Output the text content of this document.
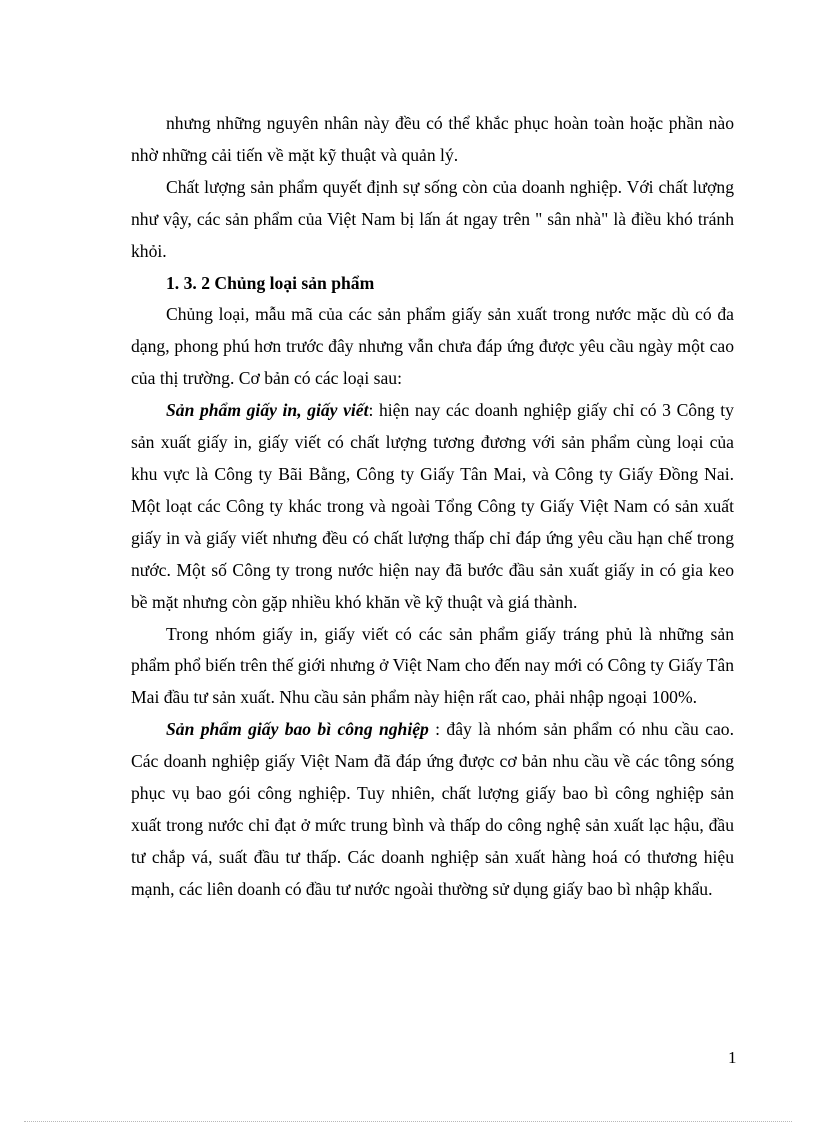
nhưng những nguyên nhân này đều có thể khắc phục hoàn toàn hoặc phần nào nhờ những cải tiến về mặt kỹ thuật và quản lý.

Chất lượng sản phẩm quyết định sự sống còn của doanh nghiệp. Với chất lượng như vậy, các sản phẩm của Việt Nam bị lấn át ngay trên " sân nhà" là điều khó tránh khỏi.

1. 3. 2 Chủng loại sản phẩm

Chủng loại, mẫu mã của các sản phẩm giấy sản xuất trong nước mặc dù có đa dạng, phong phú hơn trước đây nhưng vẫn chưa đáp ứng được yêu cầu ngày một cao của thị trường. Cơ bản có các loại sau:

Sản phẩm giấy in, giấy viết: hiện nay các doanh nghiệp giấy chỉ có 3 Công ty sản xuất giấy in, giấy viết có chất lượng tương đương với sản phẩm cùng loại của khu vực là Công ty Bãi Bằng, Công ty Giấy Tân Mai, và Công ty Giấy Đồng Nai. Một loạt các Công ty khác trong và ngoài Tổng Công ty Giấy Việt Nam có sản xuất giấy in và giấy viết nhưng đều có chất lượng thấp chỉ đáp ứng yêu cầu hạn chế trong nước. Một số Công ty trong nước hiện nay đã bước đầu sản xuất giấy in có gia keo bề mặt nhưng còn gặp nhiều khó khăn về kỹ thuật và giá thành.

Trong nhóm giấy in, giấy viết có các sản phẩm giấy tráng phủ là những sản phẩm phổ biến trên thế giới nhưng ở Việt Nam cho đến nay mới có Công ty Giấy Tân Mai đầu tư sản xuất. Nhu cầu sản phẩm này hiện rất cao, phải nhập ngoại 100%.

Sản phẩm giấy bao bì công nghiệp : đây là nhóm sản phẩm có nhu cầu cao. Các doanh nghiệp giấy Việt Nam đã đáp ứng được cơ bản nhu cầu về các tông sóng phục vụ bao gói công nghiệp. Tuy nhiên, chất lượng giấy bao bì công nghiệp sản xuất trong nước chỉ đạt ở mức trung bình và thấp do công nghệ sản xuất lạc hậu, đầu tư chắp vá, suất đầu tư thấp. Các doanh nghiệp sản xuất hàng hoá có thương hiệu mạnh, các liên doanh có đầu tư nước ngoài thường sử dụng giấy bao bì nhập khẩu.

1
